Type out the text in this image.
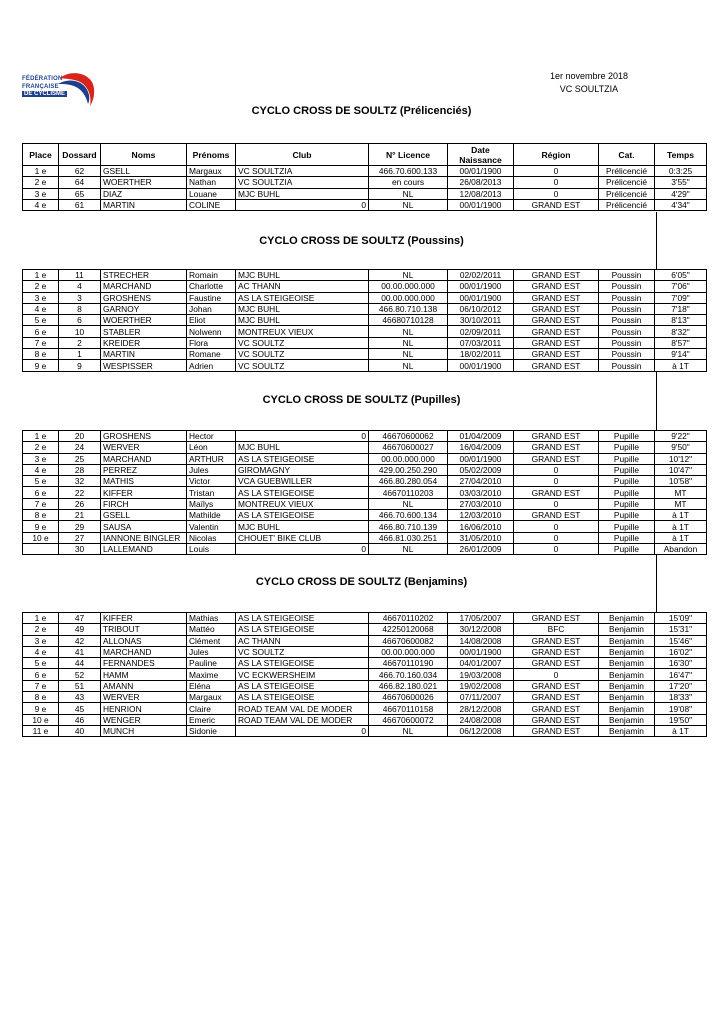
FÉDÉRATION
FRANÇAISE
DE CYCLISME
1er novembre 2018
VC SOULTZIA
CYCLO CROSS DE SOULTZ (Prélicenciés)
CYCLO CROSS DE SOULTZ (Poussins)
CYCLO CROSS DE SOULTZ (Pupilles)
CYCLO CROSS DE SOULTZ (Benjamins)
Place	Dossard	Noms	Prénoms	Club	N° Licence	Date Naissance	Région	Cat.	Temps
1 e	62	GSELL	Margaux	VC SOULTZIA	466.70.600.133	00/01/1900	0	Prélicencié	0:3:25
2 e	64	WOERTHER	Nathan	VC SOULTZIA	en cours	26/08/2013	0	Prélicencié	3'55"
3 e	65	DIAZ	Louane	MJC BUHL	NL	12/08/2013	0	Prélicencié	4'29"
4 e	61	MARTIN	COLINE	0	NL	00/01/1900	GRAND EST	Prélicencié	4'34"
1 e	11	STRECHER	Romain	MJC BUHL	NL	02/02/2011	GRAND EST	Poussin	6'05"
2 e	4	MARCHAND	Charlotte	AC THANN	00.00.000.000	00/01/1900	GRAND EST	Poussin	7'06"
3 e	3	GROSHENS	Faustine	AS LA STEIGEOISE	00.00.000.000	00/01/1900	GRAND EST	Poussin	7'09"
4 e	8	GARNOY	Johan	MJC BUHL	466.80.710.138	06/10/2012	GRAND EST	Poussin	7'18"
5 e	6	WOERTHER	Eliot	MJC BUHL	46680710128	30/10/2011	GRAND EST	Poussin	8'13"
6 e	10	STABLER	Nolwenn	MONTREUX VIEUX	NL	02/09/2011	GRAND EST	Poussin	8'32"
7 e	2	KREIDER	Flora	VC SOULTZ	NL	07/03/2011	GRAND EST	Poussin	8'57"
8 e	1	MARTIN	Romane	VC SOULTZ	NL	18/02/2011	GRAND EST	Poussin	9'14"
9 e	9	WESPISSER	Adrien	VC SOULTZ	NL	00/01/1900	GRAND EST	Poussin	à 1T
1 e	20	GROSHENS	Hector	0	46670600062	01/04/2009	GRAND EST	Pupille	9'22"
2 e	24	WERVER	Léon	MJC BUHL	46670600027	16/04/2009	GRAND EST	Pupille	9'50"
3 e	25	MARCHAND	ARTHUR	AS LA STEIGEOISE	00.00.000.000	00/01/1900	GRAND EST	Pupille	10'12"
4 e	28	PERREZ	Jules	GIROMAGNY	429.00.250.290	05/02/2009	0	Pupille	10'47"
5 e	32	MATHIS	Victor	VCA GUEBWILLER	466.80.280.054	27/04/2010	0	Pupille	10'58"
6 e	22	KIFFER	Tristan	AS LA STEIGEOISE	46670110203	03/03/2010	GRAND EST	Pupille	MT
7 e	26	FIRCH	Maïlys	MONTREUX VIEUX	NL	27/03/2010	0	Pupille	MT
8 e	21	GSELL	Mathilde	AS LA STEIGEOISE	466.70.600.134	12/03/2010	GRAND EST	Pupille	à 1T
9 e	29	SAUSA	Valentin	MJC BUHL	466.80.710.139	16/06/2010	0	Pupille	à 1T
10 e	27	IANNONE BINGLER	Nicolas	CHOUET' BIKE CLUB	466.81.030.251	31/05/2010	0	Pupille	à 1T
	30	LALLEMAND	Louis	0	NL	26/01/2009	0	Pupille	Abandon
1 e	47	KIFFER	Mathias	AS LA STEIGEOISE	46670110202	17/05/2007	GRAND EST	Benjamin	15'09"
2 e	49	TRIBOUT	Mattéo	AS LA STEIGEOISE	42250120068	30/12/2008	BFC	Benjamin	15'31"
3 e	42	ALLONAS	Clément	AC THANN	46670600082	14/08/2008	GRAND EST	Benjamin	15'46"
4 e	41	MARCHAND	Jules	VC SOULTZ	00.00.000.000	00/01/1900	GRAND EST	Benjamin	16'02"
5 e	44	FERNANDES	Pauline	AS LA STEIGEOISE	46670110190	04/01/2007	GRAND EST	Benjamin	16'30"
6 e	52	HAMM	Maxime	VC ECKWERSHEIM	466.70.160.034	19/03/2008	0	Benjamin	16'47"
7 e	51	AMANN	Eléna	AS LA STEIGEOISE	466.82.180.021	19/02/2008	GRAND EST	Benjamin	17'20"
8 e	43	WERVER	Margaux	AS LA STEIGEOISE	46670600026	07/11/2007	GRAND EST	Benjamin	18'33"
9 e	45	HENRION	Claire	ROAD TEAM VAL DE MODER	46670110158	28/12/2008	GRAND EST	Benjamin	19'08"
10 e	46	WENGER	Emeric	ROAD TEAM VAL DE MODER	46670600072	24/08/2008	GRAND EST	Benjamin	19'50"
11 e	40	MUNCH	Sidonie	0	NL	06/12/2008	GRAND EST	Benjamin	à 1T
